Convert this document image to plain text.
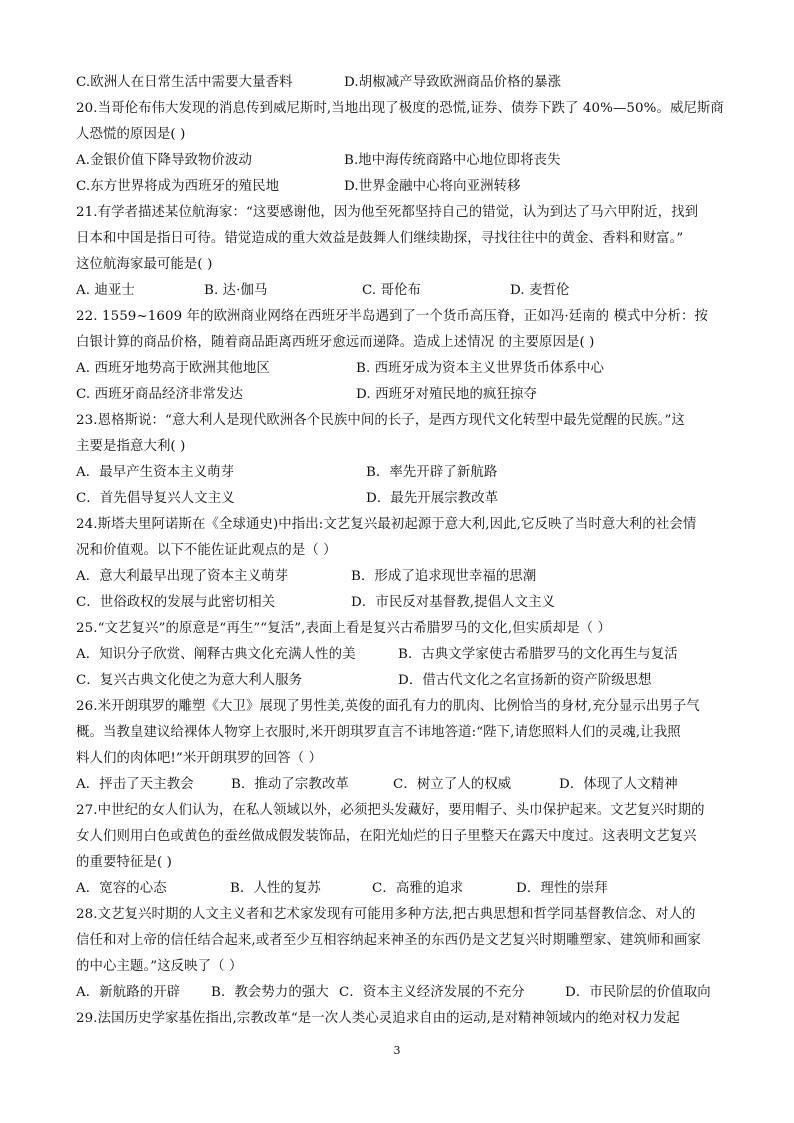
C.欧洲人在日常生活中需要大量香料	D.胡椒减产导致欧洲商品价格的暴涨
20.当哥伦布伟大发现的消息传到威尼斯时,当地出现了极度的恐慌,证券、债券下跌了 40%—50%。威尼斯商
人恐慌的原因是( )
A.金银价值下降导致物价波动	B.地中海传统商路中心地位即将丧失
C.东方世界将成为西班牙的殖民地	D.世界金融中心将向亚洲转移
21.有学者描述某位航海家：“这要感谢他，因为他至死都坚持自己的错觉，认为到达了马六甲附近，找到
日本和中国是指日可待。错觉造成的重大效益是鼓舞人们继续勘探，寻找往往中的黄金、香料和财富。”
这位航海家最可能是( )
A. 迪亚士	B. 达·伽马	C. 哥伦布	D. 麦哲伦
22. 1559~1609 年的欧洲商业网络在西班牙半岛遇到了一个货币高压脊，正如冯·廷南的 模式中分析：按
白银计算的商品价格，随着商品距离西班牙愈远而递降。造成上述情况 的主要原因是( )
A. 西班牙地势高于欧洲其他地区	B. 西班牙成为资本主义世界货币体系中心
C. 西班牙商品经济非常发达	D. 西班牙对殖民地的疯狂掠夺
23.恩格斯说：“意大利人是现代欧洲各个民族中间的长子，是西方现代文化转型中最先觉醒的民族。”这
主要是指意大利( )
A．最早产生资本主义萌芽	B．率先开辟了新航路
C．首先倡导复兴人文主义	D．最先开展宗教改革
24.斯塔夫里阿诺斯在《全球通史)中指出:文艺复兴最初起源于意大利,因此,它反映了当时意大利的社会情
况和价值观。以下不能佐证此观点的是（ ）
A．意大利最早出现了资本主义萌芽	B．形成了追求现世幸福的思潮
C．世俗政权的发展与此密切相关	D．市民反对基督教,提倡人文主义
25.“文艺复兴”的原意是“再生”“复活”,表面上看是复兴古希腊罗马的文化,但实质却是（ ）
A．知识分子欣赏、阐释古典文化充满人性的美	B．古典文学家使古希腊罗马的文化再生与复活
C．复兴古典文化使之为意大利人服务	D．借古代文化之名宣扬新的资产阶级思想
26.米开朗琪罗的雕塑《大卫》展现了男性美,英俊的面孔有力的肌肉、比例恰当的身材,充分显示出男子气
概。当教皇建议给裸体人物穿上衣服时,米开朗琪罗直言不讳地答道:“陛下,请您照料人们的灵魂,让我照
料人们的肉体吧!”米开朗琪罗的回答（ ）
A．抨击了天主教会	B．推动了宗教改革	C．树立了人的权威	D．体现了人文精神
27.中世纪的女人们认为，在私人领域以外，必须把头发藏好，要用帽子、头巾保护起来。文艺复兴时期的
女人们则用白色或黄色的蚕丝做成假发装饰品，在阳光灿烂的日子里整天在露天中度过。这表明文艺复兴
的重要特征是( )
A．宽容的心态	B．人性的复苏	C．高雅的追求	D．理性的崇拜
28.文艺复兴时期的人文主义者和艺术家发现有可能用多种方法,把古典思想和哲学同基督教信念、对人的
信任和对上帝的信任结合起来,或者至少互相容纳起来神圣的东西仍是文艺复兴时期雕塑家、建筑师和画家
的中心主题。”这反映了（ ）
A．新航路的开辟	B．教会势力的强大 C．资本主义经济发展的不充分	D．市民阶层的价值取向
29.法国历史学家基佐指出,宗教改革“是一次人类心灵追求自由的运动,是对精神领域内的绝对权力发起
3
